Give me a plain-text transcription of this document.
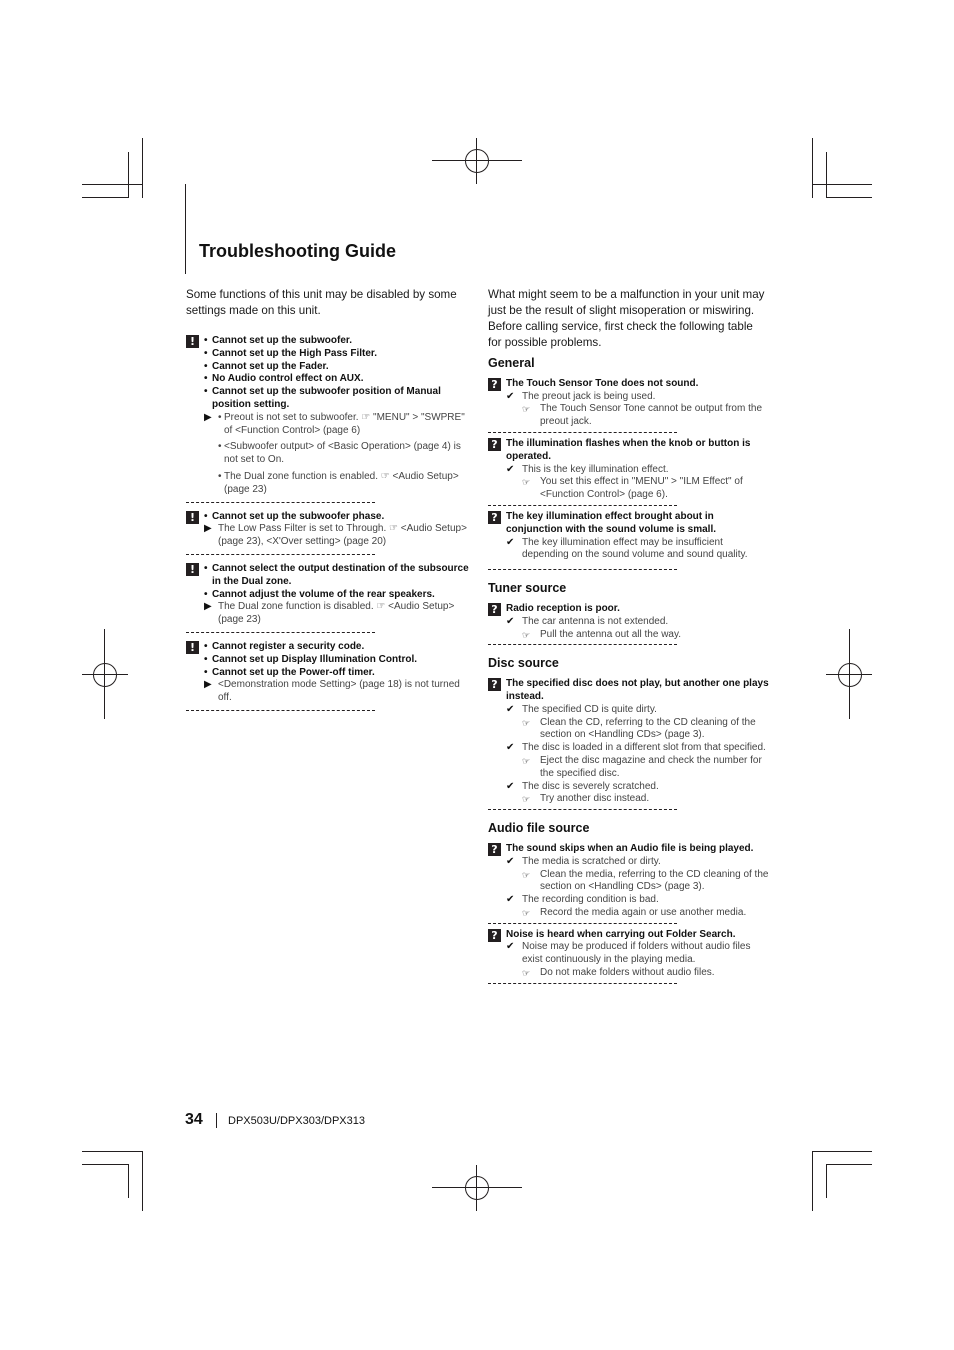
Troubleshooting Guide
Some functions of this unit may be disabled by some settings made on this unit.
What might seem to be a malfunction in your unit may just be the result of slight misoperation or miswiring. Before calling service, first check the following table for possible problems.
!	• Cannot set up the subwoofer.
• Cannot set up the High Pass Filter.
• Cannot set up the Fader.
• No Audio control effect on AUX.
• Cannot set up the subwoofer position of Manual position setting.
▶	• Preout is not set to subwoofer. ☞ "MENU" > "SWPRE" of <Function Control> (page 6)
• <Subwoofer output> of <Basic Operation> (page 4) is not set to On.
• The Dual zone function is enabled. ☞ <Audio Setup> (page 23)
!	• Cannot set up the subwoofer phase.
▶ The Low Pass Filter is set to Through. ☞ <Audio Setup> (page 23), <X'Over setting> (page 20)
!	• Cannot select the output destination of the subsource in the Dual zone.
• Cannot adjust the volume of the rear speakers.
▶ The Dual zone function is disabled. ☞ <Audio Setup> (page 23)
!	• Cannot register a security code.
• Cannot set up Display Illumination Control.
• Cannot set up the Power-off timer.
▶ <Demonstration mode Setting> (page 18) is not turned off.
General
? The Touch Sensor Tone does not sound.
✔ The preout jack is being used.
☞ The Touch Sensor Tone cannot be output from the preout jack.
? The illumination flashes when the knob or button is operated.
✔ This is the key illumination effect.
☞ You set this effect in "MENU" > "ILM Effect" of <Function Control> (page 6).
? The key illumination effect brought about in conjunction with the sound volume is small.
✔ The key illumination effect may be insufficient depending on the sound volume and sound quality.
Tuner source
? Radio reception is poor.
✔ The car antenna is not extended.
☞ Pull the antenna out all the way.
Disc source
? The specified disc does not play, but another one plays instead.
✔ The specified CD is quite dirty.
☞ Clean the CD, referring to the CD cleaning of the section on <Handling CDs> (page 3).
✔ The disc is loaded in a different slot from that specified.
☞ Eject the disc magazine and check the number for the specified disc.
✔ The disc is severely scratched.
☞ Try another disc instead.
Audio file source
? The sound skips when an Audio file is being played.
✔ The media is scratched or dirty.
☞ Clean the media, referring to the CD cleaning of the section on <Handling CDs> (page 3).
✔ The recording condition is bad.
☞ Record the media again or use another media.
? Noise is heard when carrying out Folder Search.
✔ Noise may be produced if folders without audio files exist continuously in the playing media.
☞ Do not make folders without audio files.
34 DPX503U/DPX303/DPX313
